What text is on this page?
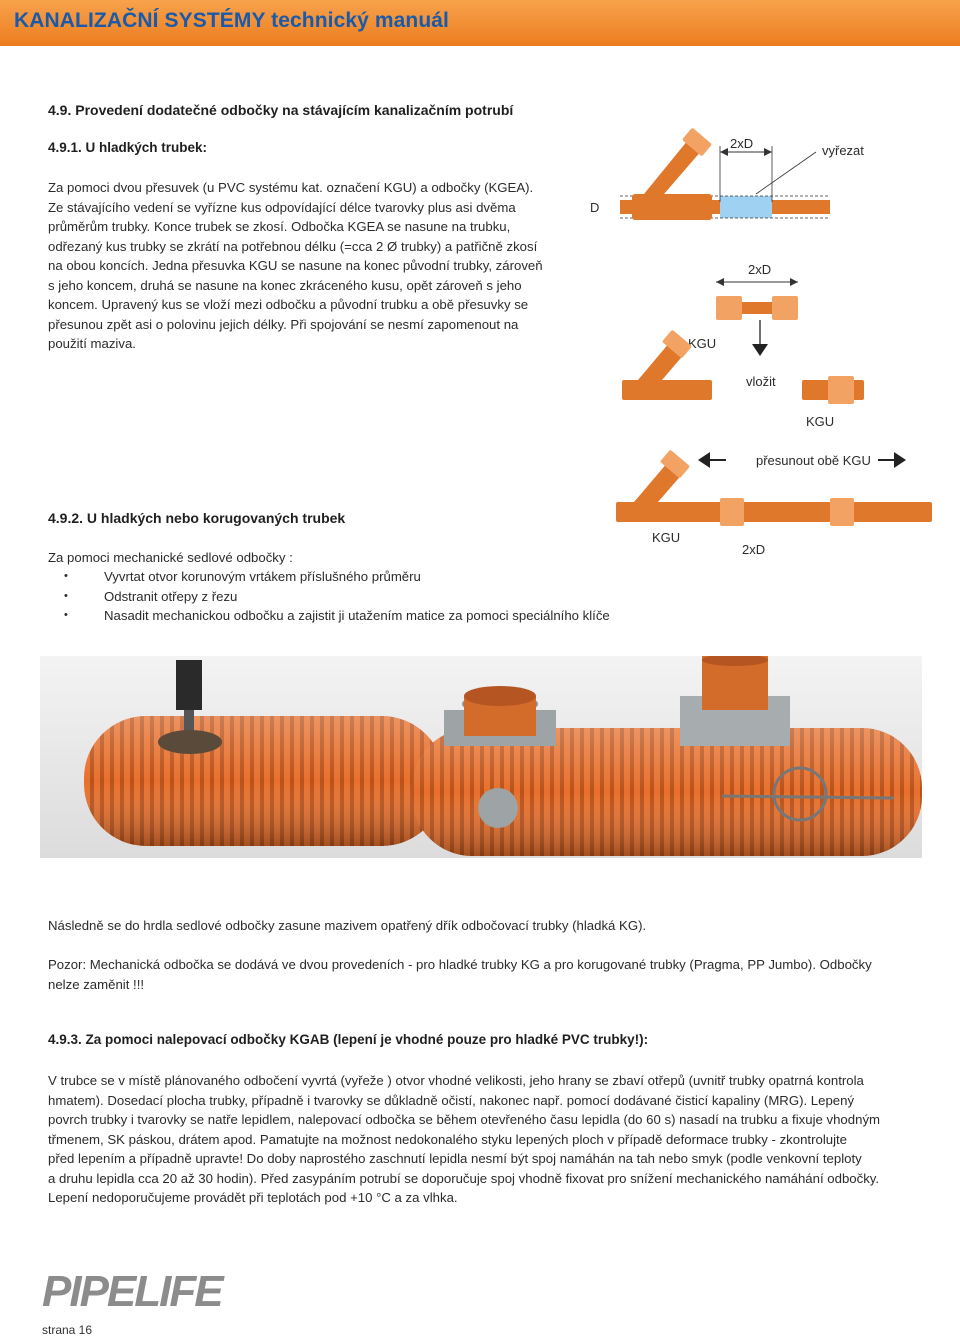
KANALIZAČNÍ SYSTÉMY technický manuál
4.9. Provedení dodatečné odbočky na stávajícím kanalizačním potrubí
4.9.1. U hladkých trubek:

Za pomoci dvou přesuvek (u PVC systému kat. označení KGU) a odbočky (KGEA).

Ze stávajícího vedení se vyřízne kus odpovídající délce tvarovky plus asi dvěma

průměrům trubky. Konce trubek se zkosí. Odbočka KGEA se nasune na trubku,

odřezaný kus trubky se zkrátí na potřebnou délku (=cca 2 Ø trubky) a patřičně zkosí

na obou koncích. Jedna přesuvka KGU se nasune na konec původní trubky, zároveň

s jeho koncem, druhá se nasune na konec zkráceného kusu, opět zároveň s jeho

koncem. Upravený kus se vloží mezi odbočku a původní trubku a obě přesuvky se

přesunou zpět asi o polovinu jejich délky. Při spojování se nesmí zapomenout na

použití maziva.

2xD	vyřezat
D
2xD
KGU
vložit
KGU
přesunout obě KGU
KGU
2xD
4.9.2. U hladkých nebo korugovaných trubek

Za pomoci mechanické sedlové odbočky :

• Vyvrtat otvor korunovým vrtákem příslušného průměru
• Odstranit otřepy z řezu
• Nasadit mechanickou odbočku a zajistit ji utažením matice za pomoci speciálního klíče

Následně se do hrdla sedlové odbočky zasune mazivem opatřený dřík odbočovací trubky (hladká KG).

Pozor: Mechanická odbočka se dodává ve dvou provedeních - pro hladké trubky KG a pro korugované trubky (Pragma, PP Jumbo). Odbočky

nelze zaměnit !!!

4.9.3. Za pomoci nalepovací odbočky KGAB (lepení je vhodné pouze pro hladké PVC trubky!):

V trubce se v místě plánovaného odbočení vyvrtá (vyřeže ) otvor vhodné velikosti, jeho hrany se zbaví otřepů (uvnitř trubky opatrná kontrola

hmatem). Dosedací plocha trubky, případně i tvarovky se důkladně očistí, nakonec např. pomocí dodávané čisticí kapaliny (MRG). Lepený

povrch trubky i tvarovky se natře lepidlem, nalepovací odbočka se během otevřeného času lepidla (do 60 s) nasadí na trubku a fixuje vhodným

třmenem, SK páskou, drátem apod. Pamatujte na možnost nedokonalého styku lepených ploch v případě deformace trubky - zkontrolujte

před lepením a případně upravte! Do doby naprostého zaschnutí lepidla nesmí být spoj namáhán na tah nebo smyk (podle venkovní teploty

a druhu lepidla cca 20 až 30 hodin). Před zasypáním potrubí se doporučuje spoj vhodně fixovat pro snížení mechanického namáhání odbočky.

Lepení nedoporučujeme provádět při teplotách pod +10 °C a za vlhka.

PIPELIFE
strana 16
